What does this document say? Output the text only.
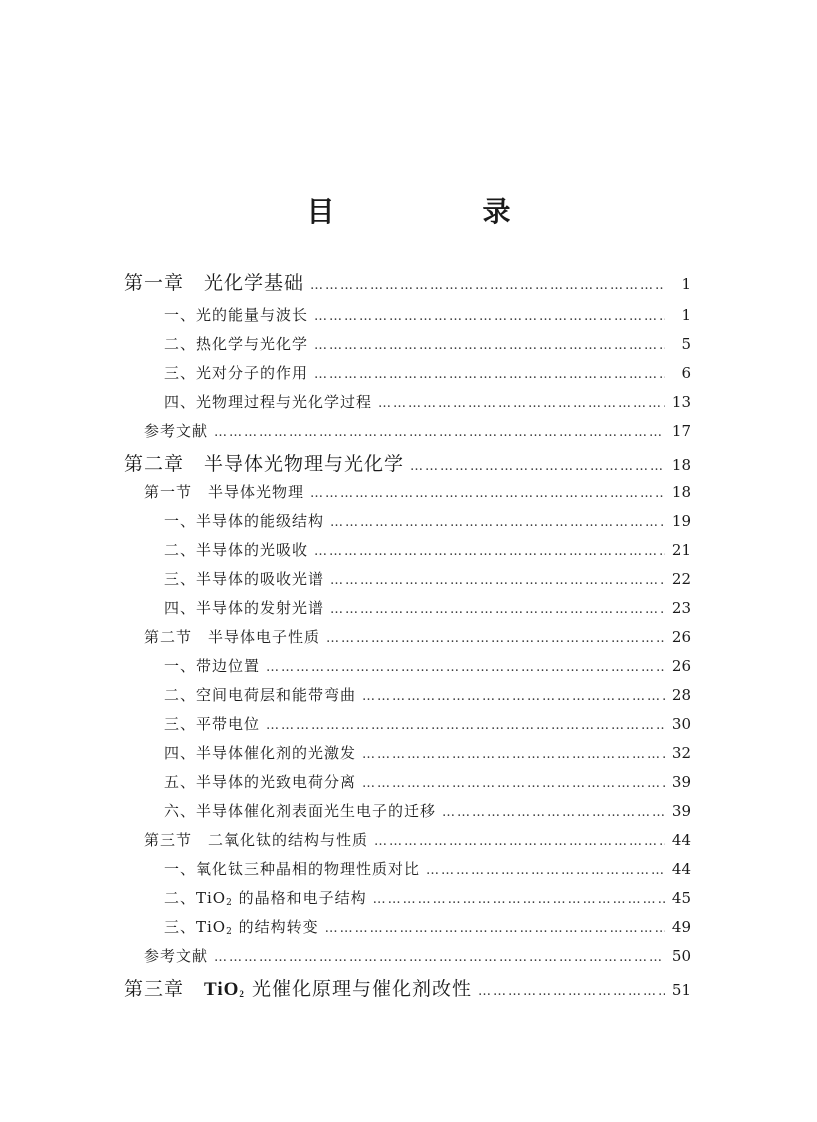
目　录
第一章　光化学基础 ……………………………………………………………………………………………………………………………………………………………………	1
一、光的能量与波长 ……………………………………………………………………………………………………………………………………………………………………	1
二、热化学与光化学 ……………………………………………………………………………………………………………………………………………………………………	5
三、光对分子的作用 ……………………………………………………………………………………………………………………………………………………………………	6
四、光物理过程与光化学过程 ……………………………………………………………………………………………………………………………………………………………………	13
参考文献 ……………………………………………………………………………………………………………………………………………………………………	17
第二章　半导体光物理与光化学 ……………………………………………………………………………………………………………………………………………………………………	18
第一节　半导体光物理 ……………………………………………………………………………………………………………………………………………………………………	18
一、半导体的能级结构 ……………………………………………………………………………………………………………………………………………………………………	19
二、半导体的光吸收 ……………………………………………………………………………………………………………………………………………………………………	21
三、半导体的吸收光谱 ……………………………………………………………………………………………………………………………………………………………………	22
四、半导体的发射光谱 ……………………………………………………………………………………………………………………………………………………………………	23
第二节　半导体电子性质 ……………………………………………………………………………………………………………………………………………………………………	26
一、带边位置 ……………………………………………………………………………………………………………………………………………………………………	26
二、空间电荷层和能带弯曲 ……………………………………………………………………………………………………………………………………………………………………	28
三、平带电位 ……………………………………………………………………………………………………………………………………………………………………	30
四、半导体催化剂的光激发 ……………………………………………………………………………………………………………………………………………………………………	32
五、半导体的光致电荷分离 ……………………………………………………………………………………………………………………………………………………………………	39
六、半导体催化剂表面光生电子的迁移 ……………………………………………………………………………………………………………………………………………………………………	39
第三节　二氧化钛的结构与性质 ……………………………………………………………………………………………………………………………………………………………………	44
一、氧化钛三种晶相的物理性质对比 ……………………………………………………………………………………………………………………………………………………………………	44
二、TiO$_2$ 的晶格和电子结构 ……………………………………………………………………………………………………………………………………………………………………	45
三、TiO$_2$ 的结构转变 ……………………………………………………………………………………………………………………………………………………………………	49
参考文献 ……………………………………………………………………………………………………………………………………………………………………	50
第三章　TiO$_2$ 光催化原理与催化剂改性 ……………………………………………………………………………………………………………………………………………………………………	51
